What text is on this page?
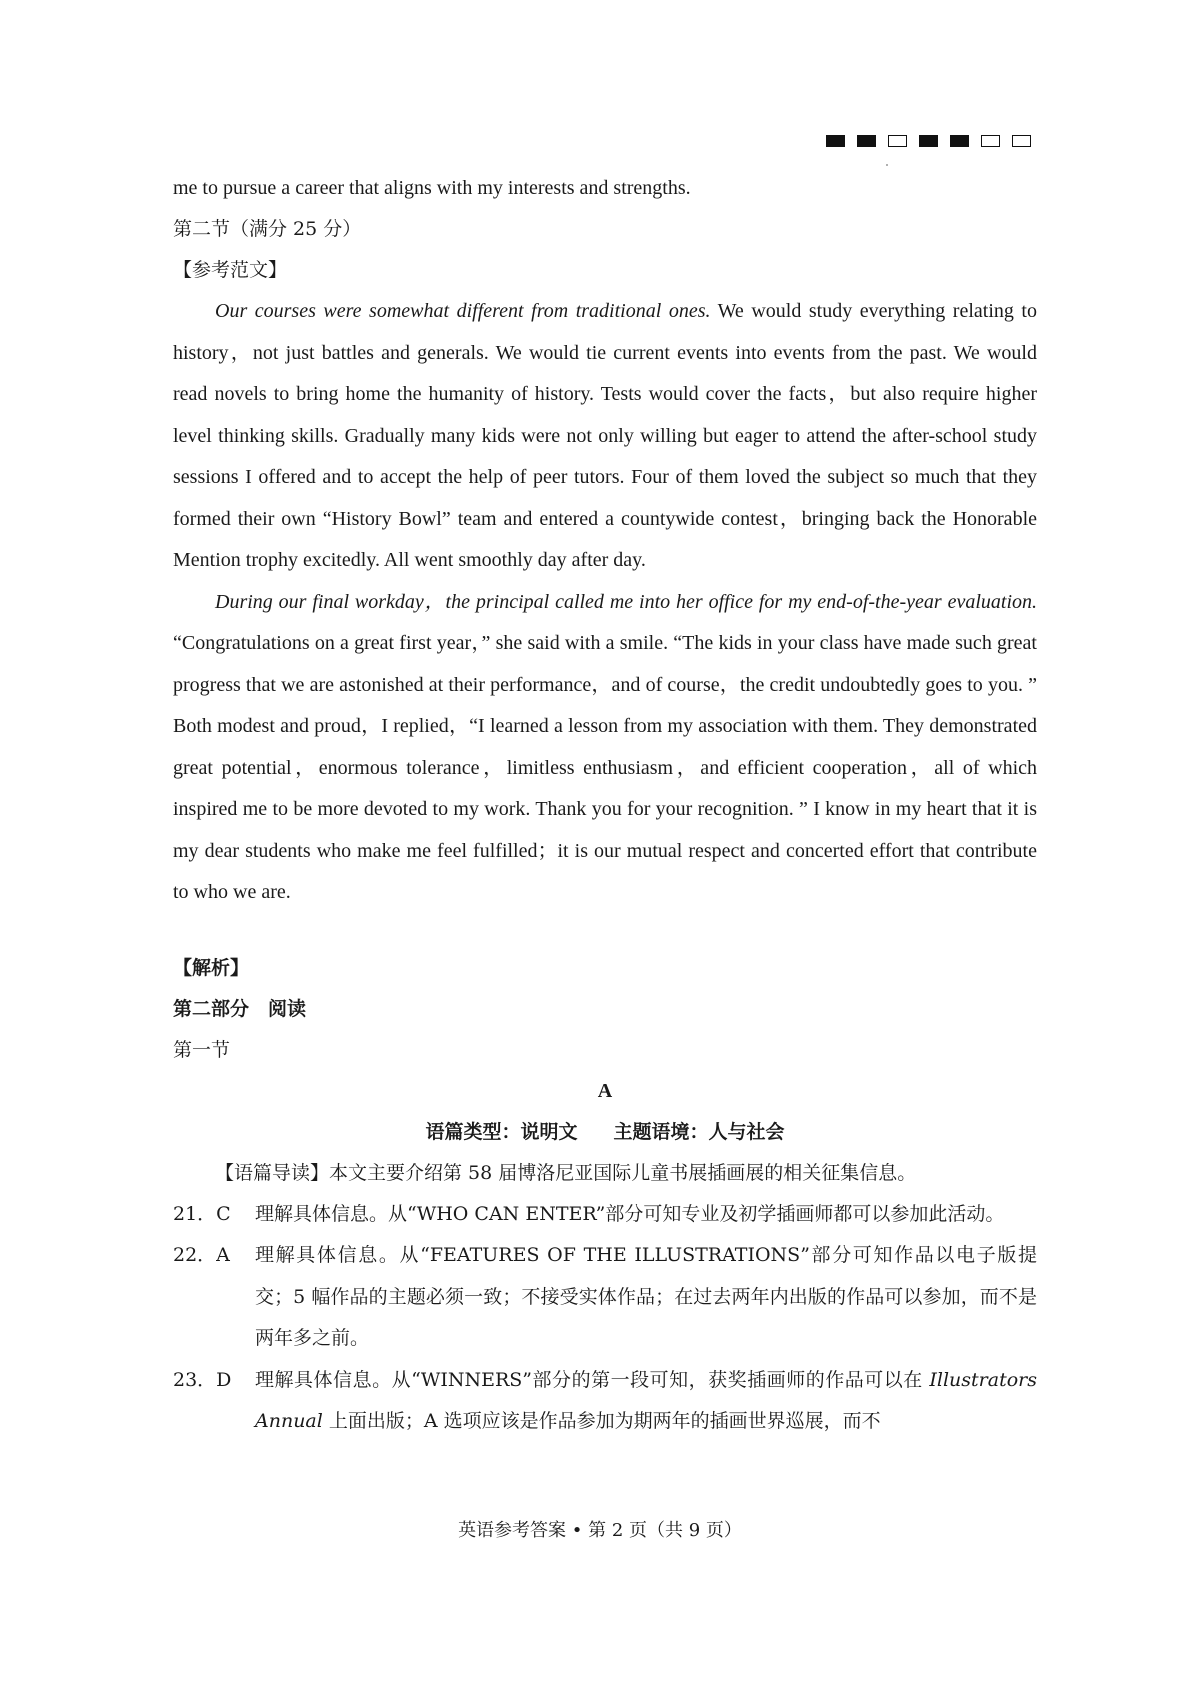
me to pursue a career that aligns with my interests and strengths.
第二节（满分 25 分）
【参考范文】
Our courses were somewhat different from traditional ones. We would study everything relating to history，not just battles and generals. We would tie current events into events from the past. We would read novels to bring home the humanity of history. Tests would cover the facts，but also require higher level thinking skills. Gradually many kids were not only willing but eager to attend the after-school study sessions I offered and to accept the help of peer tutors. Four of them loved the subject so much that they formed their own “History Bowl” team and entered a countywide contest，bringing back the Honorable Mention trophy excitedly. All went smoothly day after day.
During our final workday，the principal called me into her office for my end-of-the-year evaluation. “Congratulations on a great first year，” she said with a smile. “The kids in your class have made such great progress that we are astonished at their performance，and of course，the credit undoubtedly goes to you. ” Both modest and proud，I replied，“I learned a lesson from my association with them. They demonstrated great potential，enormous tolerance，limitless enthusiasm，and efficient cooperation，all of which inspired me to be more devoted to my work. Thank you for your recognition. ” I know in my heart that it is my dear students who make me feel fulfilled；it is our mutual respect and concerted effort that contribute to who we are.
【解析】
第二部分　阅读
第一节
A
语篇类型：说明文 主题语境：人与社会
【语篇导读】本文主要介绍第 58 届博洛尼亚国际儿童书展插画展的相关征集信息。
21．C	理解具体信息。从“WHO CAN ENTER”部分可知专业及初学插画师都可以参加此活动。
22．A	理解具体信息。从“FEATURES OF THE ILLUSTRATIONS”部分可知作品以电子版提交；5 幅作品的主题必须一致；不接受实体作品；在过去两年内出版的作品可以参加，而不是两年多之前。
23．D	理解具体信息。从“WINNERS”部分的第一段可知，获奖插画师的作品可以在 Illustrators Annual 上面出版；A 选项应该是作品参加为期两年的插画世界巡展，而不
英语参考答案 • 第 2 页（共 9 页）
